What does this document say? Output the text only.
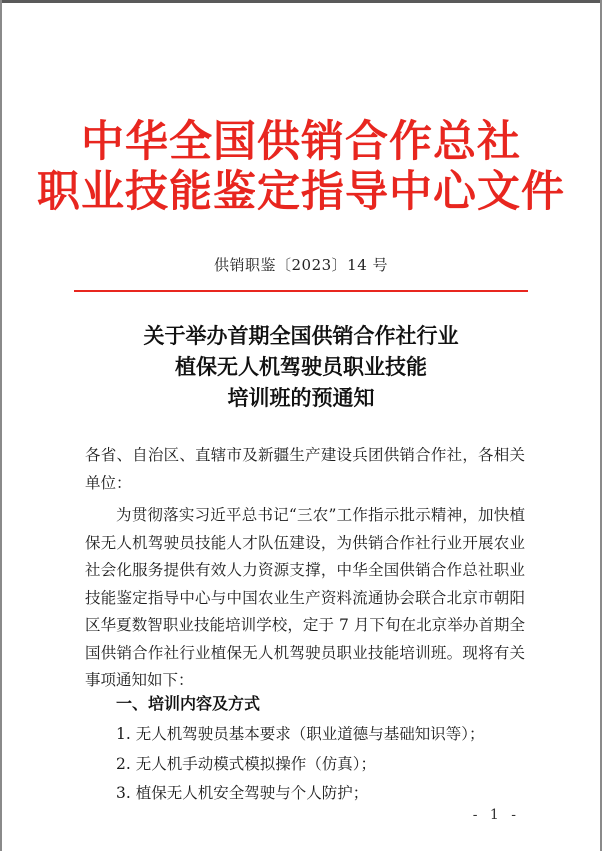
中华全国供销合作总社
职业技能鉴定指导中心文件
供销职鉴〔2023〕14 号
关于举办首期全国供销合作社行业
植保无人机驾驶员职业技能
培训班的预通知
各省、自治区、直辖市及新疆生产建设兵团供销合作社，各相关单位：
为贯彻落实习近平总书记“三农”工作指示批示精神，加快植保无人机驾驶员技能人才队伍建设，为供销合作社行业开展农业社会化服务提供有效人力资源支撑，中华全国供销合作总社职业技能鉴定指导中心与中国农业生产资料流通协会联合北京市朝阳区华夏数智职业技能培训学校，定于 7 月下旬在北京举办首期全国供销合作社行业植保无人机驾驶员职业技能培训班。现将有关事项通知如下：
一、培训内容及方式
1. 无人机驾驶员基本要求（职业道德与基础知识等）；
2. 无人机手动模式模拟操作（仿真）；
3. 植保无人机安全驾驶与个人防护；
- 1 -
